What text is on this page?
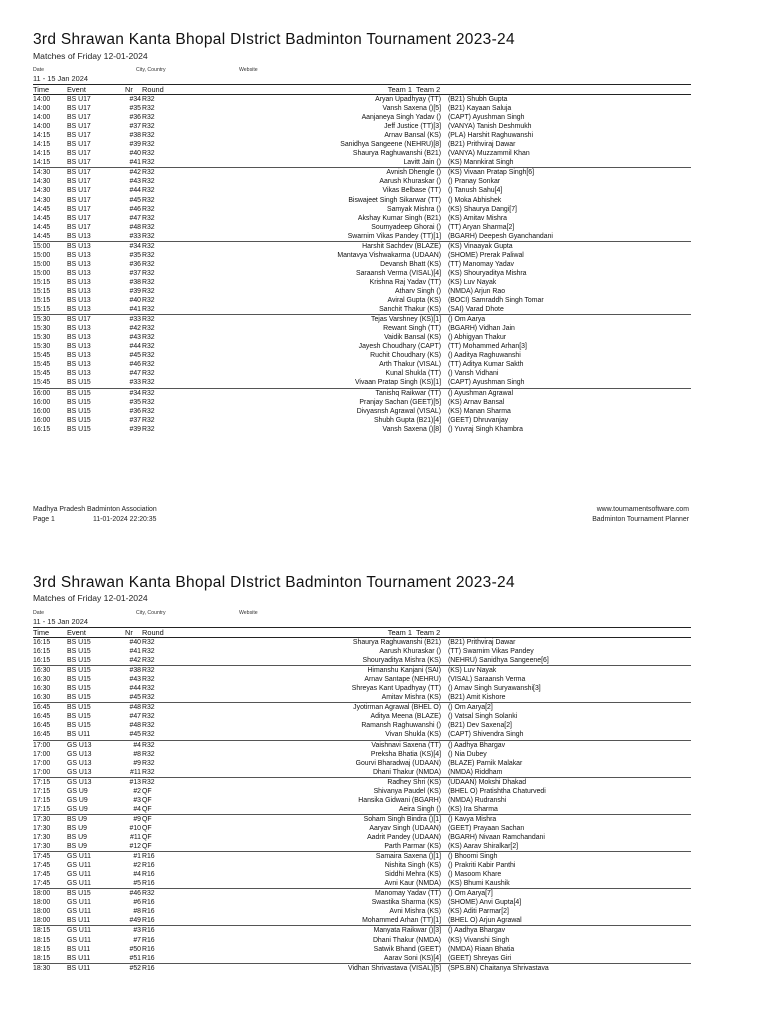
3rd Shrawan Kanta Bhopal DIstrict Badminton Tournament 2023-24
Matches of Friday 12-01-2024
Date	City, Country	Website
11 - 15 Jan 2024
Time Event	Nr Round	Team 1 Team 2
14:00 BS U17	#34 R32	Aryan Upadhyay (TT) (B21) Shubh Gupta
14:00 BS U17	#35 R32	Vansh Saxena ()[5] (B21) Kayaan Saluja
14:00 BS U17	#36 R32	Aanjaneya Singh Yadav () (CAPT) Ayushman Singh
14:00 BS U17	#37 R32	Jeff Justice (TT)[3] (VANYA) Tanish Deshmukh
14:15 BS U17	#38 R32	Arnav Bansal (KS) (PLA) Harshit Raghuwanshi
14:15 BS U17	#39 R32	Sanidhya Sangeene (NEHRU)[8] (B21) Prithviraj Dawar
14:15 BS U17	#40 R32	Shaurya Raghuwanshi (B21) (VANYA) Muzzammil Khan
14:15 BS U17	#41 R32	Lavitt Jain () (KS) Mannkirat Singh
14:30 BS U17	#42 R32	Avnish Dhengle () (KS) Vivaan Pratap Singh[6]
14:30 BS U17	#43 R32	Aarush Khuraskar () () Pranay Sonkar
14:30 BS U17	#44 R32	Vikas Belbase (TT) () Tanush Sahu[4]
14:30 BS U17	#45 R32	Biswajeet Singh Sikarwar (TT) () Moka Abhishek
14:45 BS U17	#46 R32	Samyak Mishra () (KS) Shaurya Dangi[7]
14:45 BS U17	#47 R32	Akshay Kumar Singh (B21) (KS) Amitav Mishra
14:45 BS U17	#48 R32	Soumyadeep Ghorai () (TT) Aryan Sharma[2]
14:45 BS U13	#33 R32	Swarnim Vikas Pandey (TT)[1] (BGARH) Deepesh Gyanchandani
15:00 BS U13	#34 R32	Harshit Sachdev (BLAZE) (KS) Vinaayak Gupta
15:00 BS U13	#35 R32	Mantavya Vishwakarma (UDAAN) (SHOME) Prerak Paliwal
15:00 BS U13	#36 R32	Devansh Bhatt (KS) (TT) Manomay Yadav
15:00 BS U13	#37 R32	Saraansh Verma (VISAL)[4] (KS) Shouryaditya Mishra
15:15 BS U13	#38 R32	Krishna Raj Yadav (TT) (KS) Luv Nayak
15:15 BS U13	#39 R32	Atharv Singh () (NMDA) Arjun Rao
15:15 BS U13	#40 R32	Aviral Gupta (KS) (BOCI) Samraddh Singh Tomar
15:15 BS U13	#41 R32	Sanchit Thakur (KS) (SAI) Varad Dhote
15:30 BS U17	#33 R32	Tejas Varshney (KS)[1] () Om Aarya
15:30 BS U13	#42 R32	Rewant Singh (TT) (BGARH) Vidhan Jain
15:30 BS U13	#43 R32	Vaidik Bansal (KS) () Abhigyan Thakur
15:30 BS U13	#44 R32	Jayesh Choudhary (CAPT) (TT) Mohammed Arhan[3]
15:45 BS U13	#45 R32	Ruchit Choudhary (KS) () Aaditya Raghuwanshi
15:45 BS U13	#46 R32	Arth Thakur (VISAL) (TT) Aditya Kumar Sakth
15:45 BS U13	#47 R32	Kunal Shukla (TT) () Vansh Vidhani
15:45 BS U15	#33 R32	Vivaan Pratap Singh (KS)[1] (CAPT) Ayushman Singh
16:00 BS U15	#34 R32	Tanishq Raikwar (TT) () Ayushman Agrawal
16:00 BS U15	#35 R32	Pranjay Sachan (GEET)[5] (KS) Arnav Bansal
16:00 BS U15	#36 R32	Divyasnsh Agrawal (VISAL) (KS) Manan Sharma
16:00 BS U15	#37 R32	Shubh Gupta (B21)[4] (GEET) Dhruvanjay
16:15 BS U15	#39 R32	Vansh Saxena ()[8] () Yuvraj Singh Khambra
Madhya Pradesh Badminton Association
Page 1	11-01-2024 22:20:35
www.tournamentsoftware.com
Badminton Tournament Planner
3rd Shrawan Kanta Bhopal DIstrict Badminton Tournament 2023-24
Matches of Friday 12-01-2024
Date	City, Country	Website
11 - 15 Jan 2024
Time Event	Nr Round	Team 1 Team 2
16:15 BS U15	#40 R32	Shaurya Raghuwanshi (B21) (B21) Prithviraj Dawar
16:15 BS U15	#41 R32	Aarush Khuraskar () (TT) Swarnim Vikas Pandey
16:15 BS U15	#42 R32	Shouryaditya Mishra (KS) (NEHRU) Sanidhya Sangeene[6]
16:30 BS U15	#38 R32	Himanshu Kanjani (SAI) (KS) Luv Nayak
16:30 BS U15	#43 R32	Arnav Santape (NEHRU) (VISAL) Saraansh Verma
16:30 BS U15	#44 R32	Shreyas Kant Upadhyay (TT) () Arnav Singh Suryawanshi[3]
16:30 BS U15	#45 R32	Amitav Mishra (KS) (B21) Amit Kishore
16:45 BS U15	#48 R32	Jyotirman Agrawal (BHEL O) () Om Aarya[2]
16:45 BS U15	#47 R32	Aditya Meena (BLAZE) () Vatsal Singh Solanki
16:45 BS U15	#48 R32	Ramansh Raghuwanshi () (B21) Dev Saxena[2]
16:45 BS U11	#45 R32	Vivan Shukla (KS) (CAPT) Shivendra Singh
17:00 GS U13	#4 R32	Vaishnavi Saxena (TT) () Aadhya Bhargav
17:00 GS U13	#8 R32	Preksha Bhatia (KS)[4] () Nia Dubey
17:00 GS U13	#9 R32	Gourvi Bharadwaj (UDAAN) (BLAZE) Parnik Malakar
17:00 GS U13	#11 R32	Dhani Thakur (NMDA) (NMDA) Riddham
17:15 GS U13	#13 R32	Radhey Shri (KS) (UDAAN) Mokshi Dhakad
17:15 GS U9	#2 QF	Shivanya Paudel (KS) (BHEL O) Pratishtha Chaturvedi
17:15 GS U9	#3 QF	Hansika Gidwani (BGARH) (NMDA) Rudranshi
17:15 GS U9	#4 QF	Aeira Singh () (KS) Ira Sharma
17:30 BS U9	#9 QF	Soham Singh Bindra ()[1] () Kavya Mishra
17:30 BS U9	#10 QF	Aaryav Singh (UDAAN) (GEET) Prayaan Sachan
17:30 BS U9	#11 QF	Aadrit Pandey (UDAAN) (BGARH) Nivaan Ramchandani
17:30 BS U9	#12 QF	Parth Parmar (KS) (KS) Aarav Shiralkar[2]
17:45 GS U11	#1 R16	Samaira Saxena ()[1] () Bhoomi Singh
17:45 GS U11	#2 R16	Nishita Singh (KS) () Prakriti Kabir Panthi
17:45 GS U11	#4 R16	Siddhi Mehra (KS) () Masoom Khare
17:45 GS U11	#5 R16	Avni Kaur (NMDA) (KS) Bhumi Kaushik
18:00 BS U15	#46 R32	Manomay Yadav (TT) () Om Aarya[7]
18:00 GS U11	#6 R16	Swastika Sharma (KS) (SHOME) Anvi Gupta[4]
18:00 GS U11	#8 R16	Avni Mishra (KS) (KS) Aditi Parmar[2]
18:00 BS U11	#49 R16	Mohammed Arhan (TT)[1] (BHEL O) Arjun Agrawal
18:15 GS U11	#3 R16	Manyata Raikwar ()[3] () Aadhya Bhargav
18:15 GS U11	#7 R16	Dhani Thakur (NMDA) (KS) Vivanshi Singh
18:15 BS U11	#50 R16	Satwik Bhand (GEET) (NMDA) Riaan Bhatia
18:15 BS U11	#51 R16	Aarav Soni (KS)[4] (GEET) Shreyas Giri
18:30 BS U11	#52 R16	Vidhan Shrivastava (VISAL)[5] (SPS.BN) Chaitanya Shrivastava
